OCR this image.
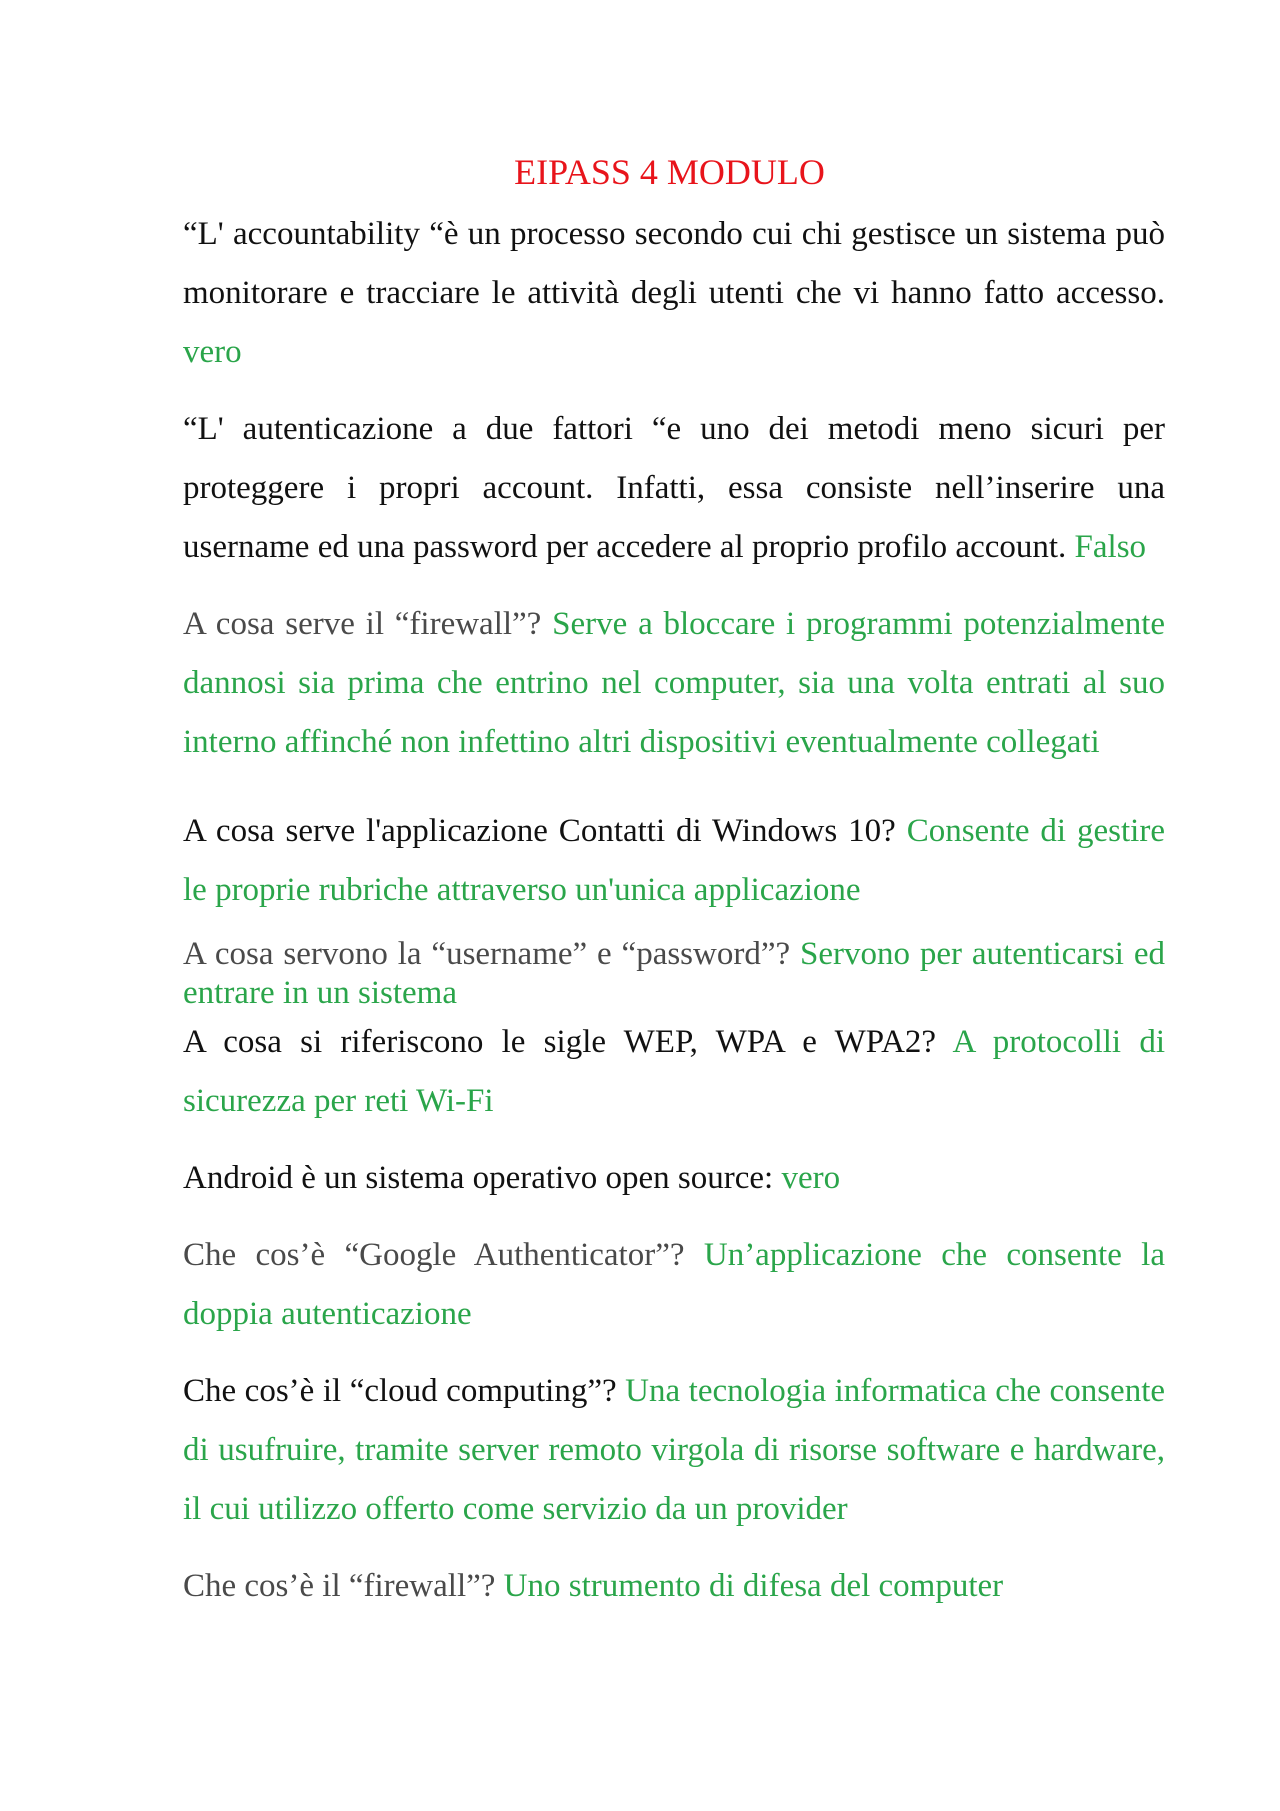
EIPASS 4 MODULO

“L' accountability “è un processo secondo cui chi gestisce un sistema può monitorare e tracciare le attività degli utenti che vi hanno fatto accesso. vero

“L' autenticazione a due fattori “e uno dei metodi meno sicuri per proteggere i propri account. Infatti, essa consiste nell’inserire una username ed una password per accedere al proprio profilo account. Falso

A cosa serve il “firewall”? Serve a bloccare i programmi potenzialmente dannosi sia prima che entrino nel computer, sia una volta entrati al suo interno affinché non infettino altri dispositivi eventualmente collegati

A cosa serve l'applicazione Contatti di Windows 10? Consente di gestire le proprie rubriche attraverso un'unica applicazione

A cosa servono la “username” e “password”? Servono per autenticarsi ed entrare in un sistema

A cosa si riferiscono le sigle WEP, WPA e WPA2? A protocolli di sicurezza per reti Wi-Fi

Android è un sistema operativo open source: vero

Che cos’è “Google Authenticator”? Un’applicazione che consente la doppia autenticazione

Che cos’è il “cloud computing”? Una tecnologia informatica che consente di usufruire, tramite server remoto virgola di risorse software e hardware, il cui utilizzo offerto come servizio da un provider

Che cos’è il “firewall”? Uno strumento di difesa del computer
